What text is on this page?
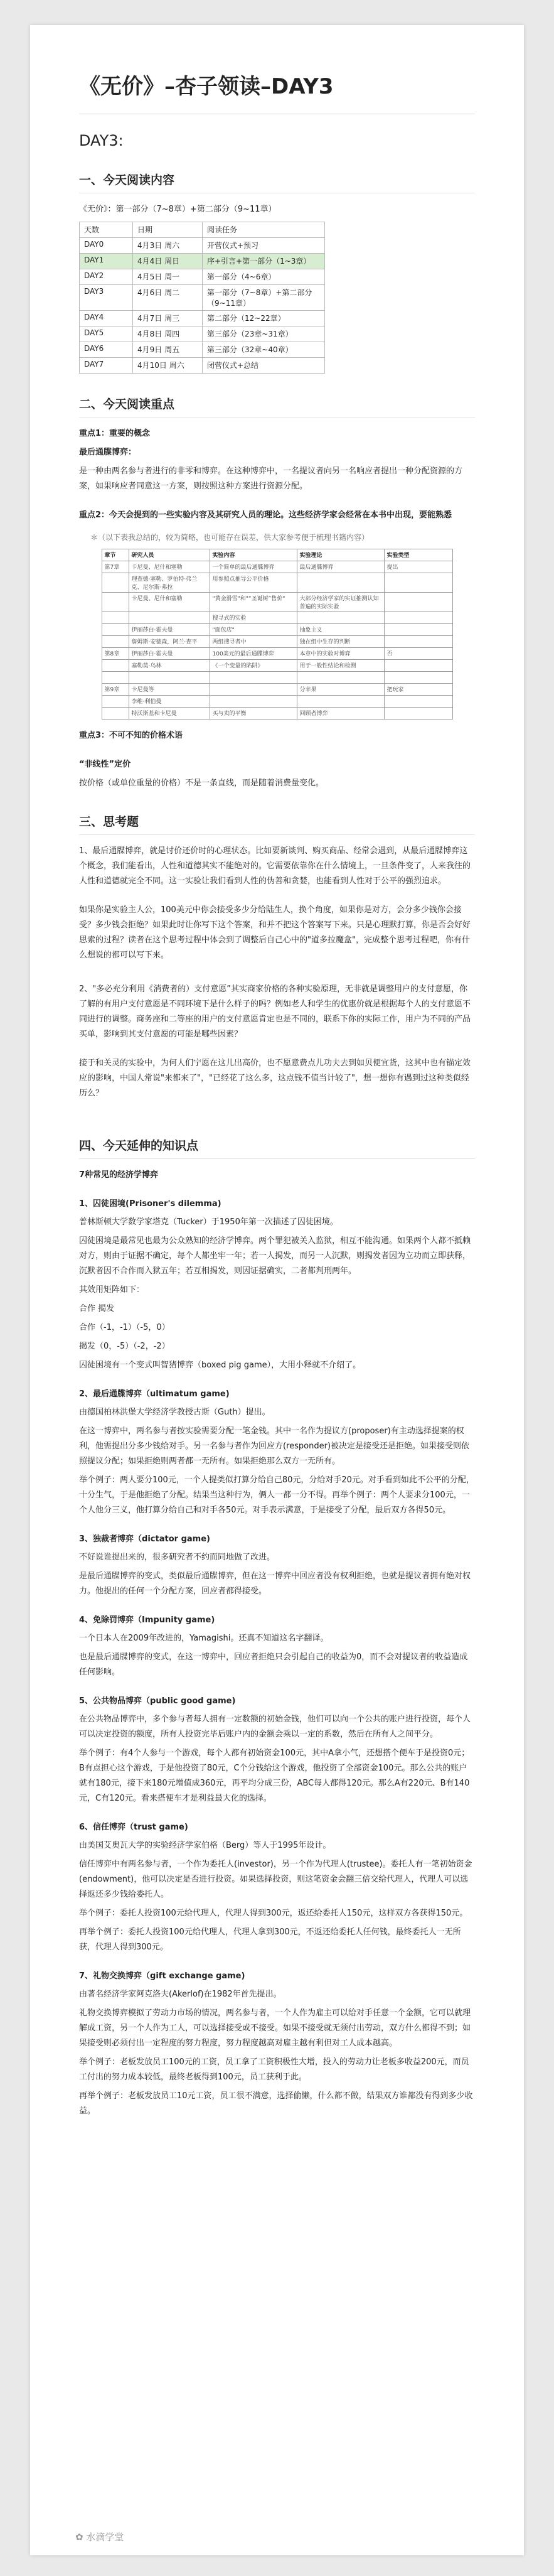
《无价》–杏子领读–DAY3
DAY3:
一、今天阅读内容
《无价》：第一部分（7~8章）+第二部分（9~11章）
天数	日期	阅读任务
DAY0	4月3日 周六	开营仪式+预习
DAY1	4月4日 周日	序+引言+第一部分（1~3章）
DAY2	4月5日 周一	第一部分（4~6章）
DAY3	4月6日 周二	第一部分（7~8章）+第二部分（9~11章）
DAY4	4月7日 周三	第二部分（12~22章）
DAY5	4月8日 周四	第三部分（23章~31章）
DAY6	4月9日 周五	第三部分（32章~40章）
DAY7	4月10日 周六	闭营仪式+总结
二、今天阅读重点

重点1：重要的概念

最后通牒博弈：

是一种由两名参与者进行的非零和博弈。在这种博弈中，一名提议者向另一名响应者提出一种分配资源的方案，如果响应者同意这一方案，则按照这种方案进行资源分配。

重点2：今天会提到的一些实验内容及其研究人员的理论。这些经济学家会经常在本书中出现，要能熟悉

＊（以下表我总结的，较为简略，也可能存在误差，供大家参考便于梳理书籍内容）
章节	研究人员	实验内容	实验理论	实验类型
第7章	卡尼曼、尼什和塞勒	一个简单的最后通牒博弈	最后通牒博弈	提出
	理查德·塞勒、罗伯特·弗兰克、尼尔斯·弗拉	用参照点推导公平价格		
	卡尼曼、尼什和塞勒	"黄金滑雪"和"“圣诞树”售价"	大部分经济学家的实证推测认知普遍的实际实验	
		搜寻式的实验		
	伊丽莎白·霍夫曼	"面包店"	抽象主义	
	詹姆斯·安德森，阿兰·查平	两组搜寻者中	独在组中生存的判断	
第8章	伊丽莎白·霍夫曼	100美元的最后通牒博弈	本章中的实验对博弈	否
	塞勒莫·乌林	《一个变量的陷阱》	用于一般性结论和检测	

第9章	卡尼曼等		分苹果	把玩家
	李维·利伯曼			
	特沃斯基和卡尼曼	买与卖的平衡	回顾者博弈	

重点3：不可不知的价格术语

“非线性”定价

按价格（或单位重量的价格）不是一条直线，而是随着消费量变化。

三、思考题

1、最后通牒博弈，就是讨价还价时的心理状态。比如要新谈判、购买商品、经常会遇到，从最后通牒博弈这个概念，我们能看出，人性和道德其实不能绝对的。它需要依靠你在什么情境上，一旦条件变了，人来我往的人性和道德就完全不同。这一实验让我们看到人性的伪善和贪婪，也能看到人性对于公平的强烈追求。

如果你是实验主人公，100美元中你会接受多少分给陆生人，换个角度，如果你是对方，会分多少钱你会接受？多少钱会拒绝？如果此时让你写下这个答案，和并不把这个答案写下来。只是心理默打算，你是否会好好思索的过程？读者在这个思考过程中体会到了调整后自己心中的"道多拉魔盒"，完成整个思考过程吧，你有什么想说的都可以写下来。

2、"多必充分利用《消费者的）支付意愿”其实商家价格的各种实验原理，无非就是调整用户的支付意愿，你了解的有用户支付意愿是不同环境下是什么样子的吗？例如老人和学生的优惠价就是根据每个人的支付意愿不同进行的调整。商务座和二等座的用户的支付意愿肯定也是不同的，联系下你的实际工作，用户为不同的产品买单，影响到其支付意愿的可能是哪些因素？

接于和关灵的实验中，为何人们宁愿在这儿出高价，也不愿意费点儿功夫去到如贝便宜货，这其中也有锚定效应的影响，中国人常说"来都来了"，"已经花了这么多，这点钱不值当计较了"，想一想你有遇到过这种类似经历么？

四、今天延伸的知识点

7种常见的经济学博弈

1、囚徒困境(Prisoner's dilemma)

普林斯顿大学数学家塔克（Tucker）于1950年第一次描述了囚徒困境。

囚徒困境是最常见也最为公众熟知的经济学博弈。两个罪犯被关入监狱，相互不能沟通。如果两个人都不抵赖对方，则由于证据不确定，每个人都坐牢一年；若一人揭发，而另一人沉默，则揭发者因为立功而立即获释，沉默者因不合作而入狱五年；若互相揭发，则因证据确实，二者都判刑两年。

其效用矩阵如下：

合作 揭发

合作（-1，-1）（-5，0）

揭发（0，-5）（-2，-2）

囚徒困境有一个变式叫智猪博弈（boxed pig game），大用小释就不介绍了。

2、最后通牒博弈（ultimatum game)

由德国柏林洪堡大学经济学教授古斯（Guth）提出。

在这一博弈中，两名参与者按实验需要分配一笔金钱。其中一名作为提议方(proposer)有主动选择提案的权利，他需提出分多少钱给对手。另一名参与者作为回应方(responder)被决定是接受还是拒绝。如果接受则依照提议分配；如果拒绝则两者都一无所有。如果拒绝那么双方一无所有。

举个例子：两人要分100元，一个人提类似打算分给自己80元，分给对手20元。对手看到如此不公平的分配，十分生气，于是他拒绝了分配。结果当这种行为，俩人一都一分不得。再举个例子：两个人要求分100元，一个人他分三义，他打算分给自己和对手各50元。对手表示满意，于是接受了分配，最后双方各得50元。

3、独裁者博弈（dictator game)

不好说谁提出来的，很多研究者不约而同地做了改进。

是最后通牒博弈的变式，类似最后通牒博弈，但在这一博弈中回应者没有权利拒绝，也就是提议者拥有绝对权力。他提出的任何一个分配方案，回应者都得接受。

4、免除罚博弈（Impunity game)

一个日本人在2009年改进的，Yamagishi。还真不知道这名字翻译。

也是最后通牒博弈的变式，在这一博弈中，回应者拒绝只会引起自己的收益为0，而不会对提议者的收益造成任何影响。

5、公共物品博弈（public good game)

在公共物品博弈中，多个参与者每人拥有一定数额的初始金钱，他们可以向一个公共的账户进行投资，每个人可以决定投资的额度，所有人投资完毕后账户内的金额会乘以一定的系数，然后在所有人之间平分。

举个例子：有4个人参与一个游戏，每个人都有初始资金100元，其中A拿小气，还想搭个便车于是投资0元；B有点担心这个游戏，于是他投资了80元，C个分钱给这个游戏，他投资了全部资金100元。那么公共的账户就有180元，接下来180元增值成360元，再平均分成三份，ABC每人都得120元。那么A有220元、B有140元，C有120元。看来搭便车才是利益最大化的选择。

6、信任博弈（trust game)

由美国艾奥瓦大学的实验经济学家伯格（Berg）等人于1995年设计。

信任博弈中有两名参与者，一个作为委托人(investor)，另一个作为代理人(trustee)。委托人有一笔初始资金(endowment)，他可以决定是否进行投资。如果选择投资，则这笔资金会翻三倍交给代理人，代理人可以选择返还多少钱给委托人。

举个例子：委托人投资100元给代理人，代理人得到300元，返还给委托人150元，这样双方各获得150元。

再举个例子：委托人投资100元给代理人，代理人拿到300元，不返还给委托人任何钱，最终委托人一无所获，代理人得到300元。

7、礼物交换博弈（gift exchange game)

由著名经济学家阿克洛夫(Akerlof)在1982年首先提出。

礼物交换博弈模拟了劳动力市场的情况，两名参与者，一个人作为雇主可以给对手任意一个金额，它可以就理解成工资，另一个人作为工人，可以选择接受或不接受。如果不接受就无须付出劳动，双方什么都得不到；如果接受则必须付出一定程度的努力程度，努力程度越高对雇主越有利但对工人成本越高。

举个例子：老板发放员工100元的工资，员工拿了工资积极性大增，投入的劳动力让老板多收益200元，而员工付出的努力成本较低，最终老板得到100元，员工获利于此。

再举个例子：老板发放员工10元工资，员工很不满意，选择偷懒，什么都不做，结果双方谁都没有得到多少收益。

✿ 水滴学堂
